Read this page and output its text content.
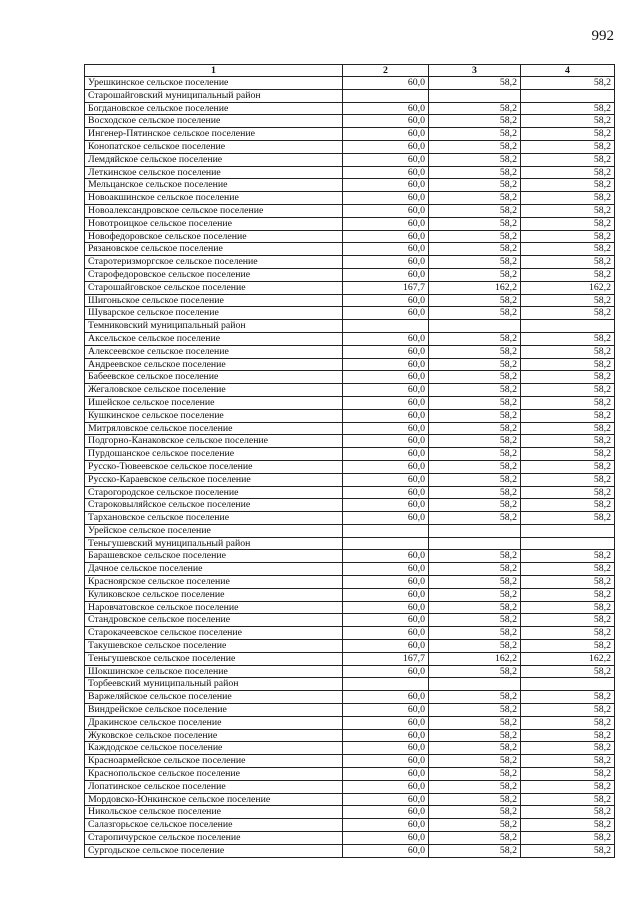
992
1	2	3	4
Урешкинское сельское поселение	60,0	58,2	58,2
Старошайговский муниципальный район			
Богдановское сельское поселение	60,0	58,2	58,2
Восходское сельское поселение	60,0	58,2	58,2
Ингенер-Пятинское сельское поселение	60,0	58,2	58,2
Конопатское сельское поселение	60,0	58,2	58,2
Лемдяйское сельское поселение	60,0	58,2	58,2
Леткинское сельское поселение	60,0	58,2	58,2
Мельцанское сельское поселение	60,0	58,2	58,2
Новоакшинское сельское поселение	60,0	58,2	58,2
Новоалександровское сельское поселение	60,0	58,2	58,2
Новотроицкое сельское поселение	60,0	58,2	58,2
Новофедоровское сельское поселение	60,0	58,2	58,2
Рязановское сельское поселение	60,0	58,2	58,2
Старотеризморгское сельское поселение	60,0	58,2	58,2
Старофедоровское сельское поселение	60,0	58,2	58,2
Старошайговское сельское поселение	167,7	162,2	162,2
Шигоньское сельское поселение	60,0	58,2	58,2
Шуварское сельское поселение	60,0	58,2	58,2
Темниковский муниципальный район			
Аксельское сельское поселение	60,0	58,2	58,2
Алексеевское сельское поселение	60,0	58,2	58,2
Андреевское сельское поселение	60,0	58,2	58,2
Бабеевское сельское поселение	60,0	58,2	58,2
Жегаловское сельское поселение	60,0	58,2	58,2
Ишейское сельское поселение	60,0	58,2	58,2
Кушкинское сельское поселение	60,0	58,2	58,2
Митряловское сельское поселение	60,0	58,2	58,2
Подгорно-Канаковское сельское поселение	60,0	58,2	58,2
Пурдошанское сельское поселение	60,0	58,2	58,2
Русско-Тювеевское сельское поселение	60,0	58,2	58,2
Русско-Караевское сельское поселение	60,0	58,2	58,2
Старогородское сельское поселение	60,0	58,2	58,2
Староковыляйское сельское поселение	60,0	58,2	58,2
Тархановское сельское поселение	60,0	58,2	58,2
Урейское сельское поселение			
Теньгушевский муниципальный район			
Барашевское сельское поселение	60,0	58,2	58,2
Дачное сельское поселение	60,0	58,2	58,2
Красноярское сельское поселение	60,0	58,2	58,2
Куликовское сельское поселение	60,0	58,2	58,2
Наровчатовское сельское поселение	60,0	58,2	58,2
Стандровское сельское поселение	60,0	58,2	58,2
Старокачеевское сельское поселение	60,0	58,2	58,2
Такушевское сельское поселение	60,0	58,2	58,2
Теньгушевское сельское поселение	167,7	162,2	162,2
Шокшинское сельское поселение	60,0	58,2	58,2
Торбеевский муниципальный район			
Варжеляйское сельское поселение	60,0	58,2	58,2
Виндрейское сельское поселение	60,0	58,2	58,2
Дракинское сельское поселение	60,0	58,2	58,2
Жуковское сельское поселение	60,0	58,2	58,2
Каждодское сельское поселение	60,0	58,2	58,2
Красноармейское сельское поселение	60,0	58,2	58,2
Краснопольское сельское поселение	60,0	58,2	58,2
Лопатинское сельское поселение	60,0	58,2	58,2
Мордовско-Юнкинское сельское поселение	60,0	58,2	58,2
Никольское сельское поселение	60,0	58,2	58,2
Салазгорьское сельское поселение	60,0	58,2	58,2
Старопичурское сельское поселение	60,0	58,2	58,2
Сургодьское сельское поселение	60,0	58,2	58,2
